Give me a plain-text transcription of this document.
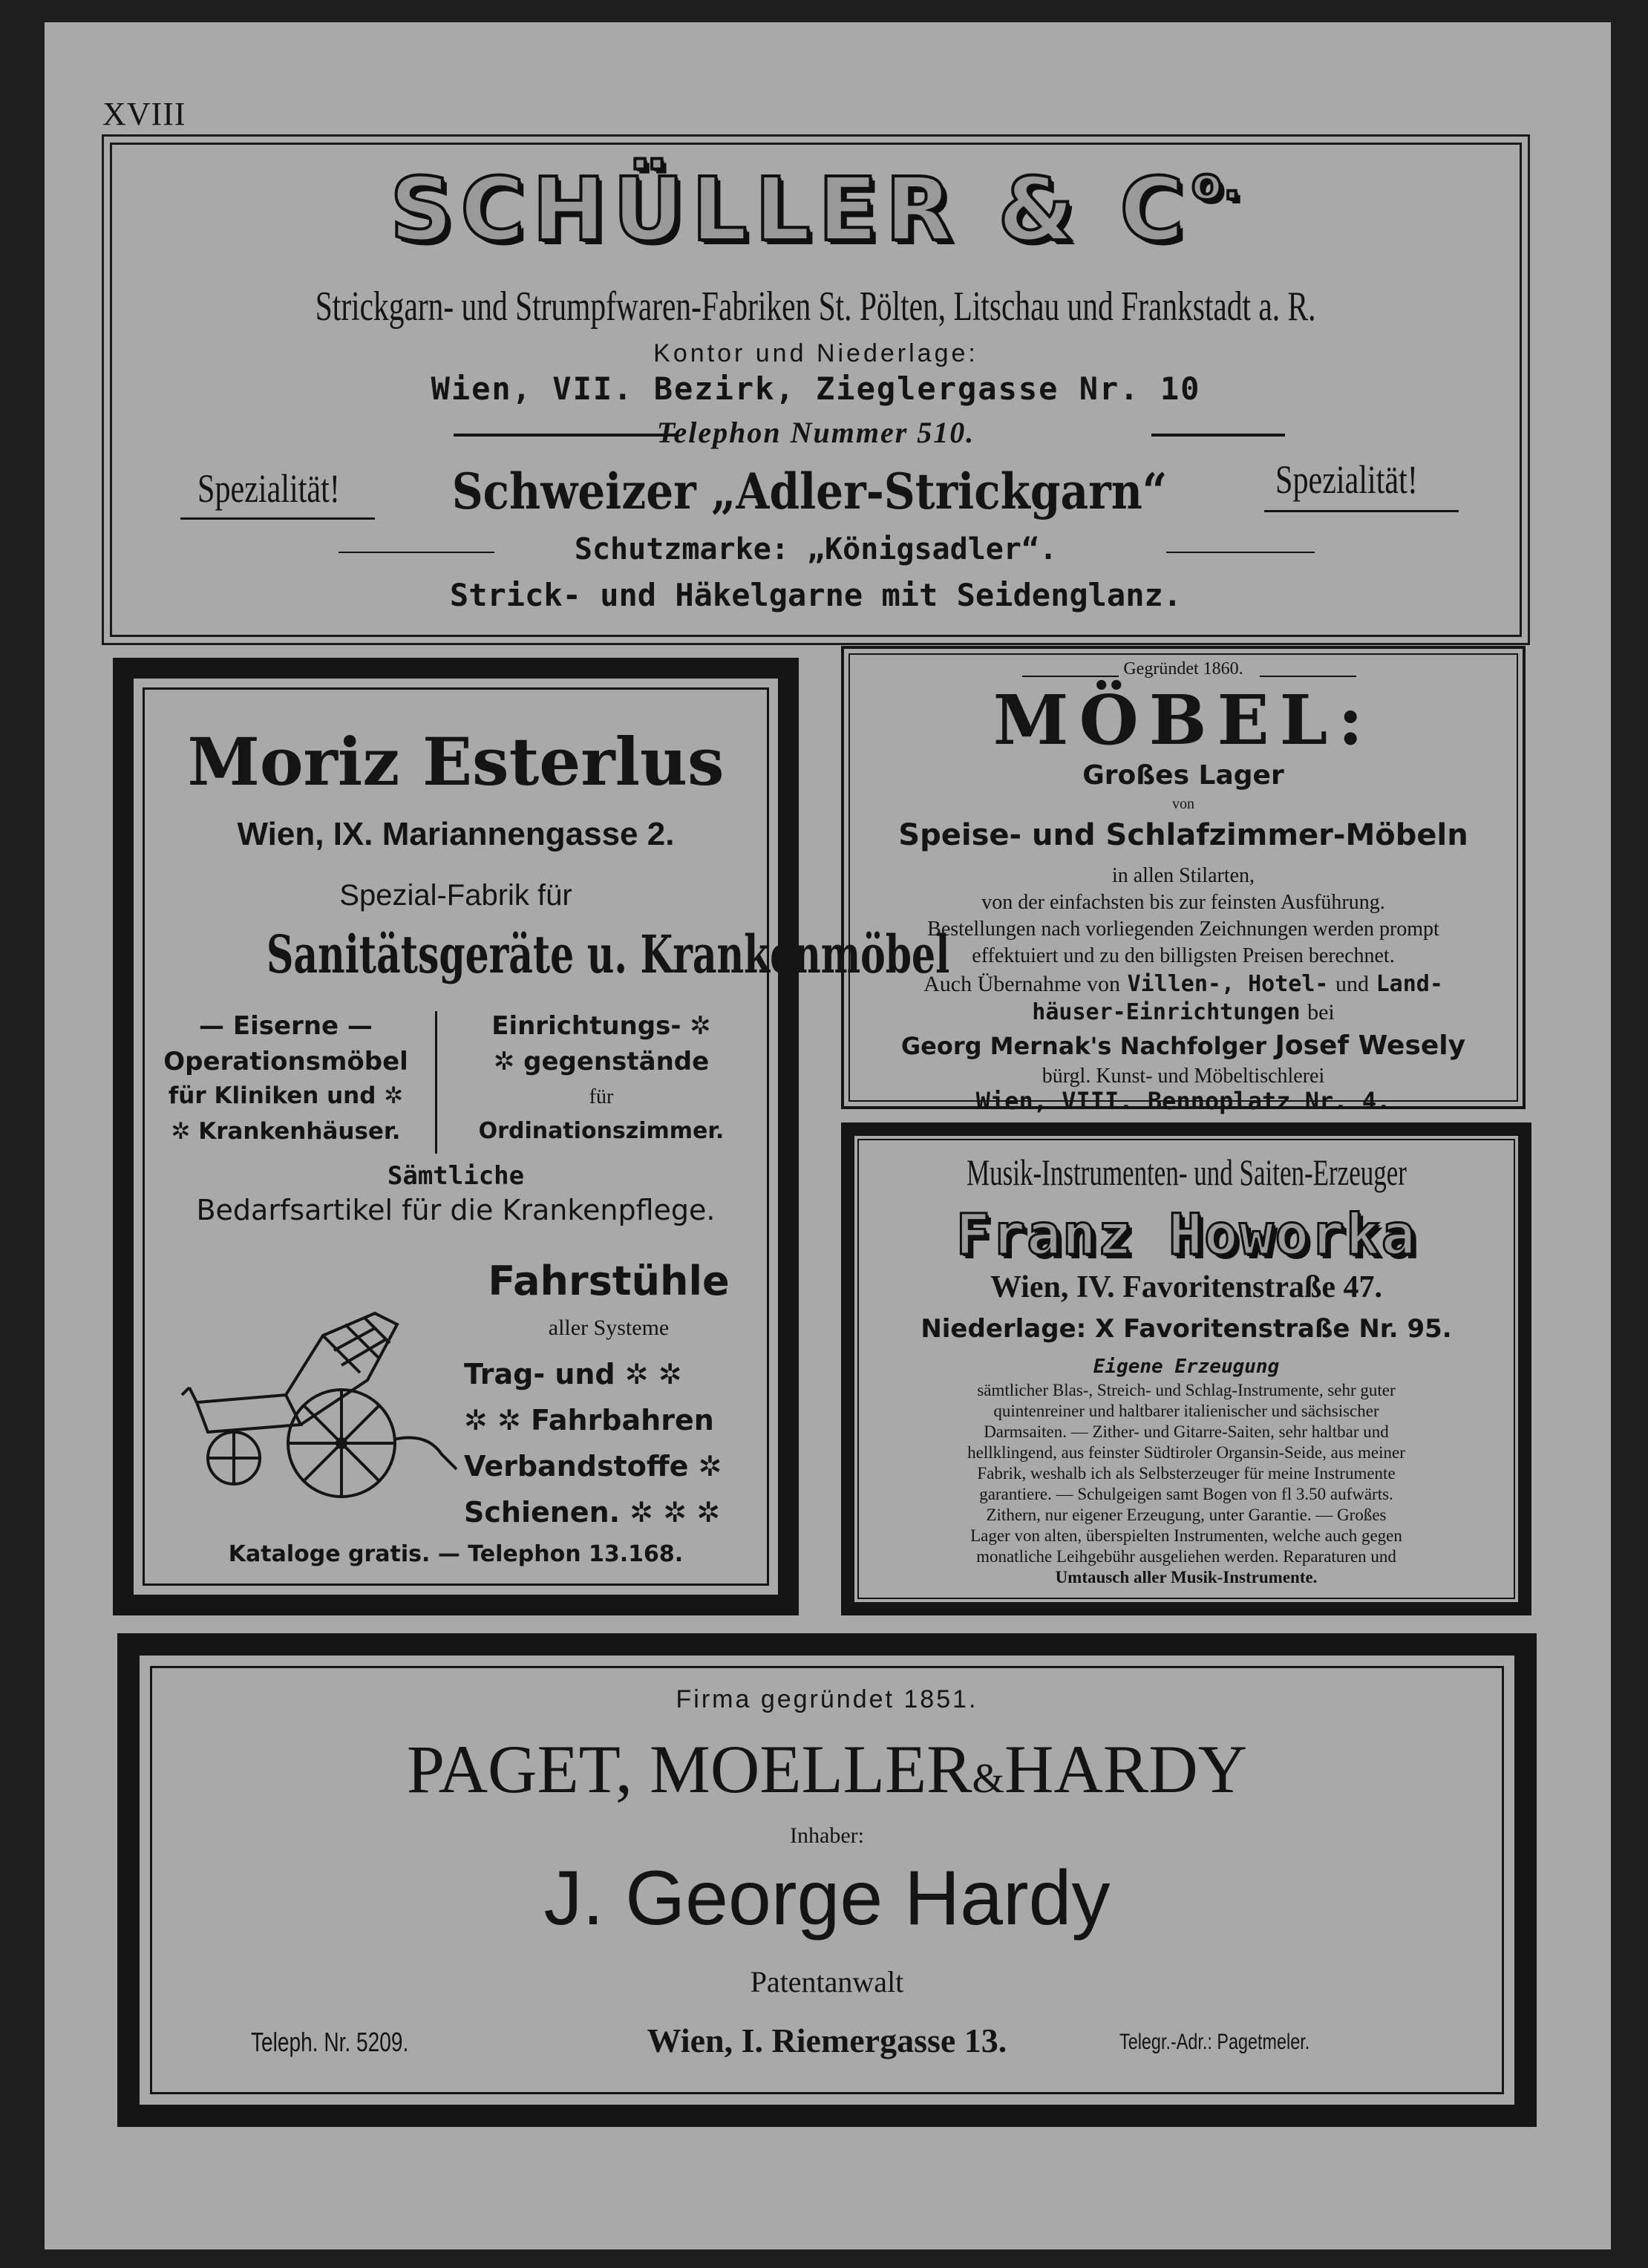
XVIII
SCHÜLLER & $C^{o.}$
Strickgarn- und Strumpfwaren-Fabriken St. Pölten, Litschau und Frankstadt a. R.
Kontor und Niederlage:
Wien, VII. Bezirk, Zieglergasse Nr. 10
Telephon Nummer 510.
Spezialität!	Schweizer „Adler-Strickgarn“	Spezialität!
Schutzmarke: „Königsadler“.
Strick- und Häkelgarne mit Seidenglanz.
Moriz Esterlus
Wien, IX. Mariannengasse 2.
Spezial-Fabrik für
Sanitätsgeräte u. Krankenmöbel
— Eiserne —
Operationsmöbel
für Kliniken und ✲
✲ Krankenhäuser.
Einrichtungs- ✲
✲ gegenstände
für
Ordinationszimmer.
Sämtliche
Bedarfsartikel für die Krankenpflege.
Fahrstühle
aller Systeme
Trag- und ✲ ✲
✲ ✲ Fahrbahren
Verbandstoffe ✲
Schienen. ✲ ✲ ✲
Kataloge gratis. — Telephon 13.168.
Gegründet 1860.
MÖBEL:
Großes Lager
von
Speise- und Schlafzimmer-Möbeln
in allen Stilarten,
von der einfachsten bis zur feinsten Ausführung.
Bestellungen nach vorliegenden Zeichnungen werden prompt
effektuiert und zu den billigsten Preisen berechnet.
Auch Übernahme von Villen-, Hotel- und Land-
häuser-Einrichtungen bei
Georg Mernak's Nachfolger Josef Wesely
bürgl. Kunst- und Möbeltischlerei
Wien, VIII. Bennoplatz Nr. 4.
Musik-Instrumenten- und Saiten-Erzeuger
Franz Howorka
Wien, IV. Favoritenstraße 47.
Niederlage: X Favoritenstraße Nr. 95.
Eigene Erzeugung
sämtlicher Blas-, Streich- und Schlag-Instrumente, sehr guter
quintenreiner und haltbarer italienischer und sächsischer
Darmsaiten. — Zither- und Gitarre-Saiten, sehr haltbar und
hellklingend, aus feinster Südtiroler Organsin-Seide, aus meiner
Fabrik, weshalb ich als Selbsterzeuger für meine Instrumente
garantiere. — Schulgeigen samt Bogen von fl 3.50 aufwärts.
Zithern, nur eigener Erzeugung, unter Garantie. — Großes
Lager von alten, überspielten Instrumenten, welche auch gegen
monatliche Leihgebühr ausgeliehen werden. Reparaturen und
Umtausch aller Musik-Instrumente.
Firma gegründet 1851.
PAGET, MOELLER&HARDY
Inhaber:
J. George Hardy
Patentanwalt
Teleph. Nr. 5209.	Wien, I. Riemergasse 13.	Telegr.-Adr.: Pagetmeler.
